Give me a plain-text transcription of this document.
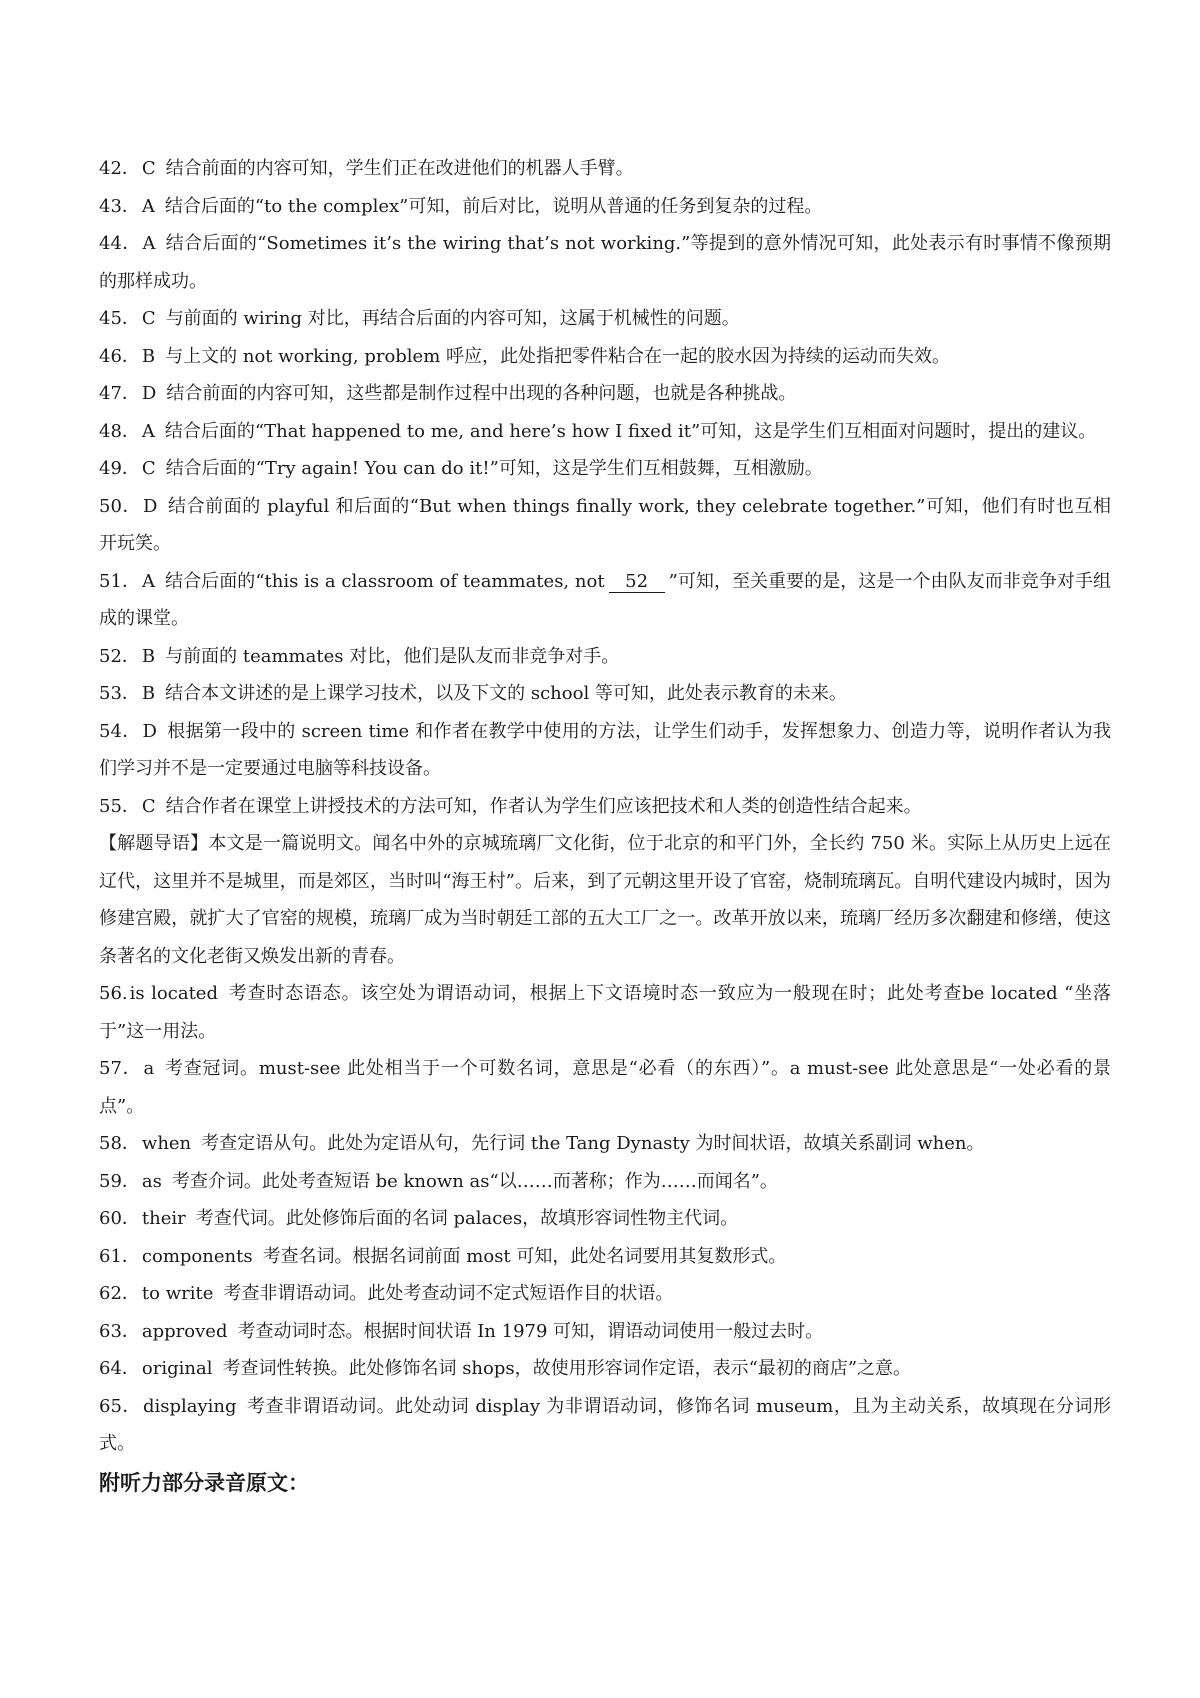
42． C 结合前面的内容可知，学生们正在改进他们的机器人手臂。

43． A 结合后面的“to the complex”可知，前后对比，说明从普通的任务到复杂的过程。

44． A 结合后面的“Sometimes it’s the wiring that’s not working.”等提到的意外情况可知，此处表示有时事情不像预期的那样成功。

45． C 与前面的 wiring 对比，再结合后面的内容可知，这属于机械性的问题。

46． B 与上文的 not working, problem 呼应，此处指把零件粘合在一起的胶水因为持续的运动而失效。

47． D 结合前面的内容可知，这些都是制作过程中出现的各种问题，也就是各种挑战。

48． A 结合后面的“That happened to me, and here’s how I fixed it”可知，这是学生们互相面对问题时，提出的建议。

49． C 结合后面的“Try again! You can do it!”可知，这是学生们互相鼓舞，互相激励。

50． D 结合前面的 playful 和后面的“But when things finally work, they celebrate together.”可知，他们有时也互相开玩笑。

51． A 结合后面的“this is a classroom of teammates, not 52 ”可知，至关重要的是，这是一个由队友而非竞争对手组成的课堂。

52． B 与前面的 teammates 对比，他们是队友而非竞争对手。

53． B 结合本文讲述的是上课学习技术，以及下文的 school 等可知，此处表示教育的未来。

54． D 根据第一段中的 screen time 和作者在教学中使用的方法，让学生们动手，发挥想象力、创造力等，说明作者认为我们学习并不是一定要通过电脑等科技设备。

55． C 结合作者在课堂上讲授技术的方法可知，作者认为学生们应该把技术和人类的创造性结合起来。

【解题导语】本文是一篇说明文。闻名中外的京城琉璃厂文化街，位于北京的和平门外，全长约 750 米。实际上从历史上远在辽代，这里并不是城里，而是郊区，当时叫“海王村”。后来，到了元朝这里开设了官窑，烧制琉璃瓦。自明代建设内城时，因为修建宫殿，就扩大了官窑的规模，琉璃厂成为当时朝廷工部的五大工厂之一。改革开放以来，琉璃厂经历多次翻建和修缮，使这条著名的文化老街又焕发出新的青春。

56. is located 考查时态语态。该空处为谓语动词，根据上下文语境时态一致应为一般现在时；此处考查be located “坐落于”这一用法。

57． a 考查冠词。must-see 此处相当于一个可数名词，意思是“必看（的东西）”。a must-see 此处意思是“一处必看的景点”。

58． when 考查定语从句。此处为定语从句，先行词 the Tang Dynasty 为时间状语，故填关系副词 when。

59． as 考查介词。此处考查短语 be known as“以……而著称；作为……而闻名”。

60． their 考查代词。此处修饰后面的名词 palaces，故填形容词性物主代词。

61． components 考查名词。根据名词前面 most 可知，此处名词要用其复数形式。

62． to write 考查非谓语动词。此处考查动词不定式短语作目的状语。

63． approved 考查动词时态。根据时间状语 In 1979 可知，谓语动词使用一般过去时。

64． original 考查词性转换。此处修饰名词 shops，故使用形容词作定语，表示“最初的商店”之意。

65． displaying 考查非谓语动词。此处动词 display 为非谓语动词，修饰名词 museum，且为主动关系，故填现在分词形式。

附听力部分录音原文：
